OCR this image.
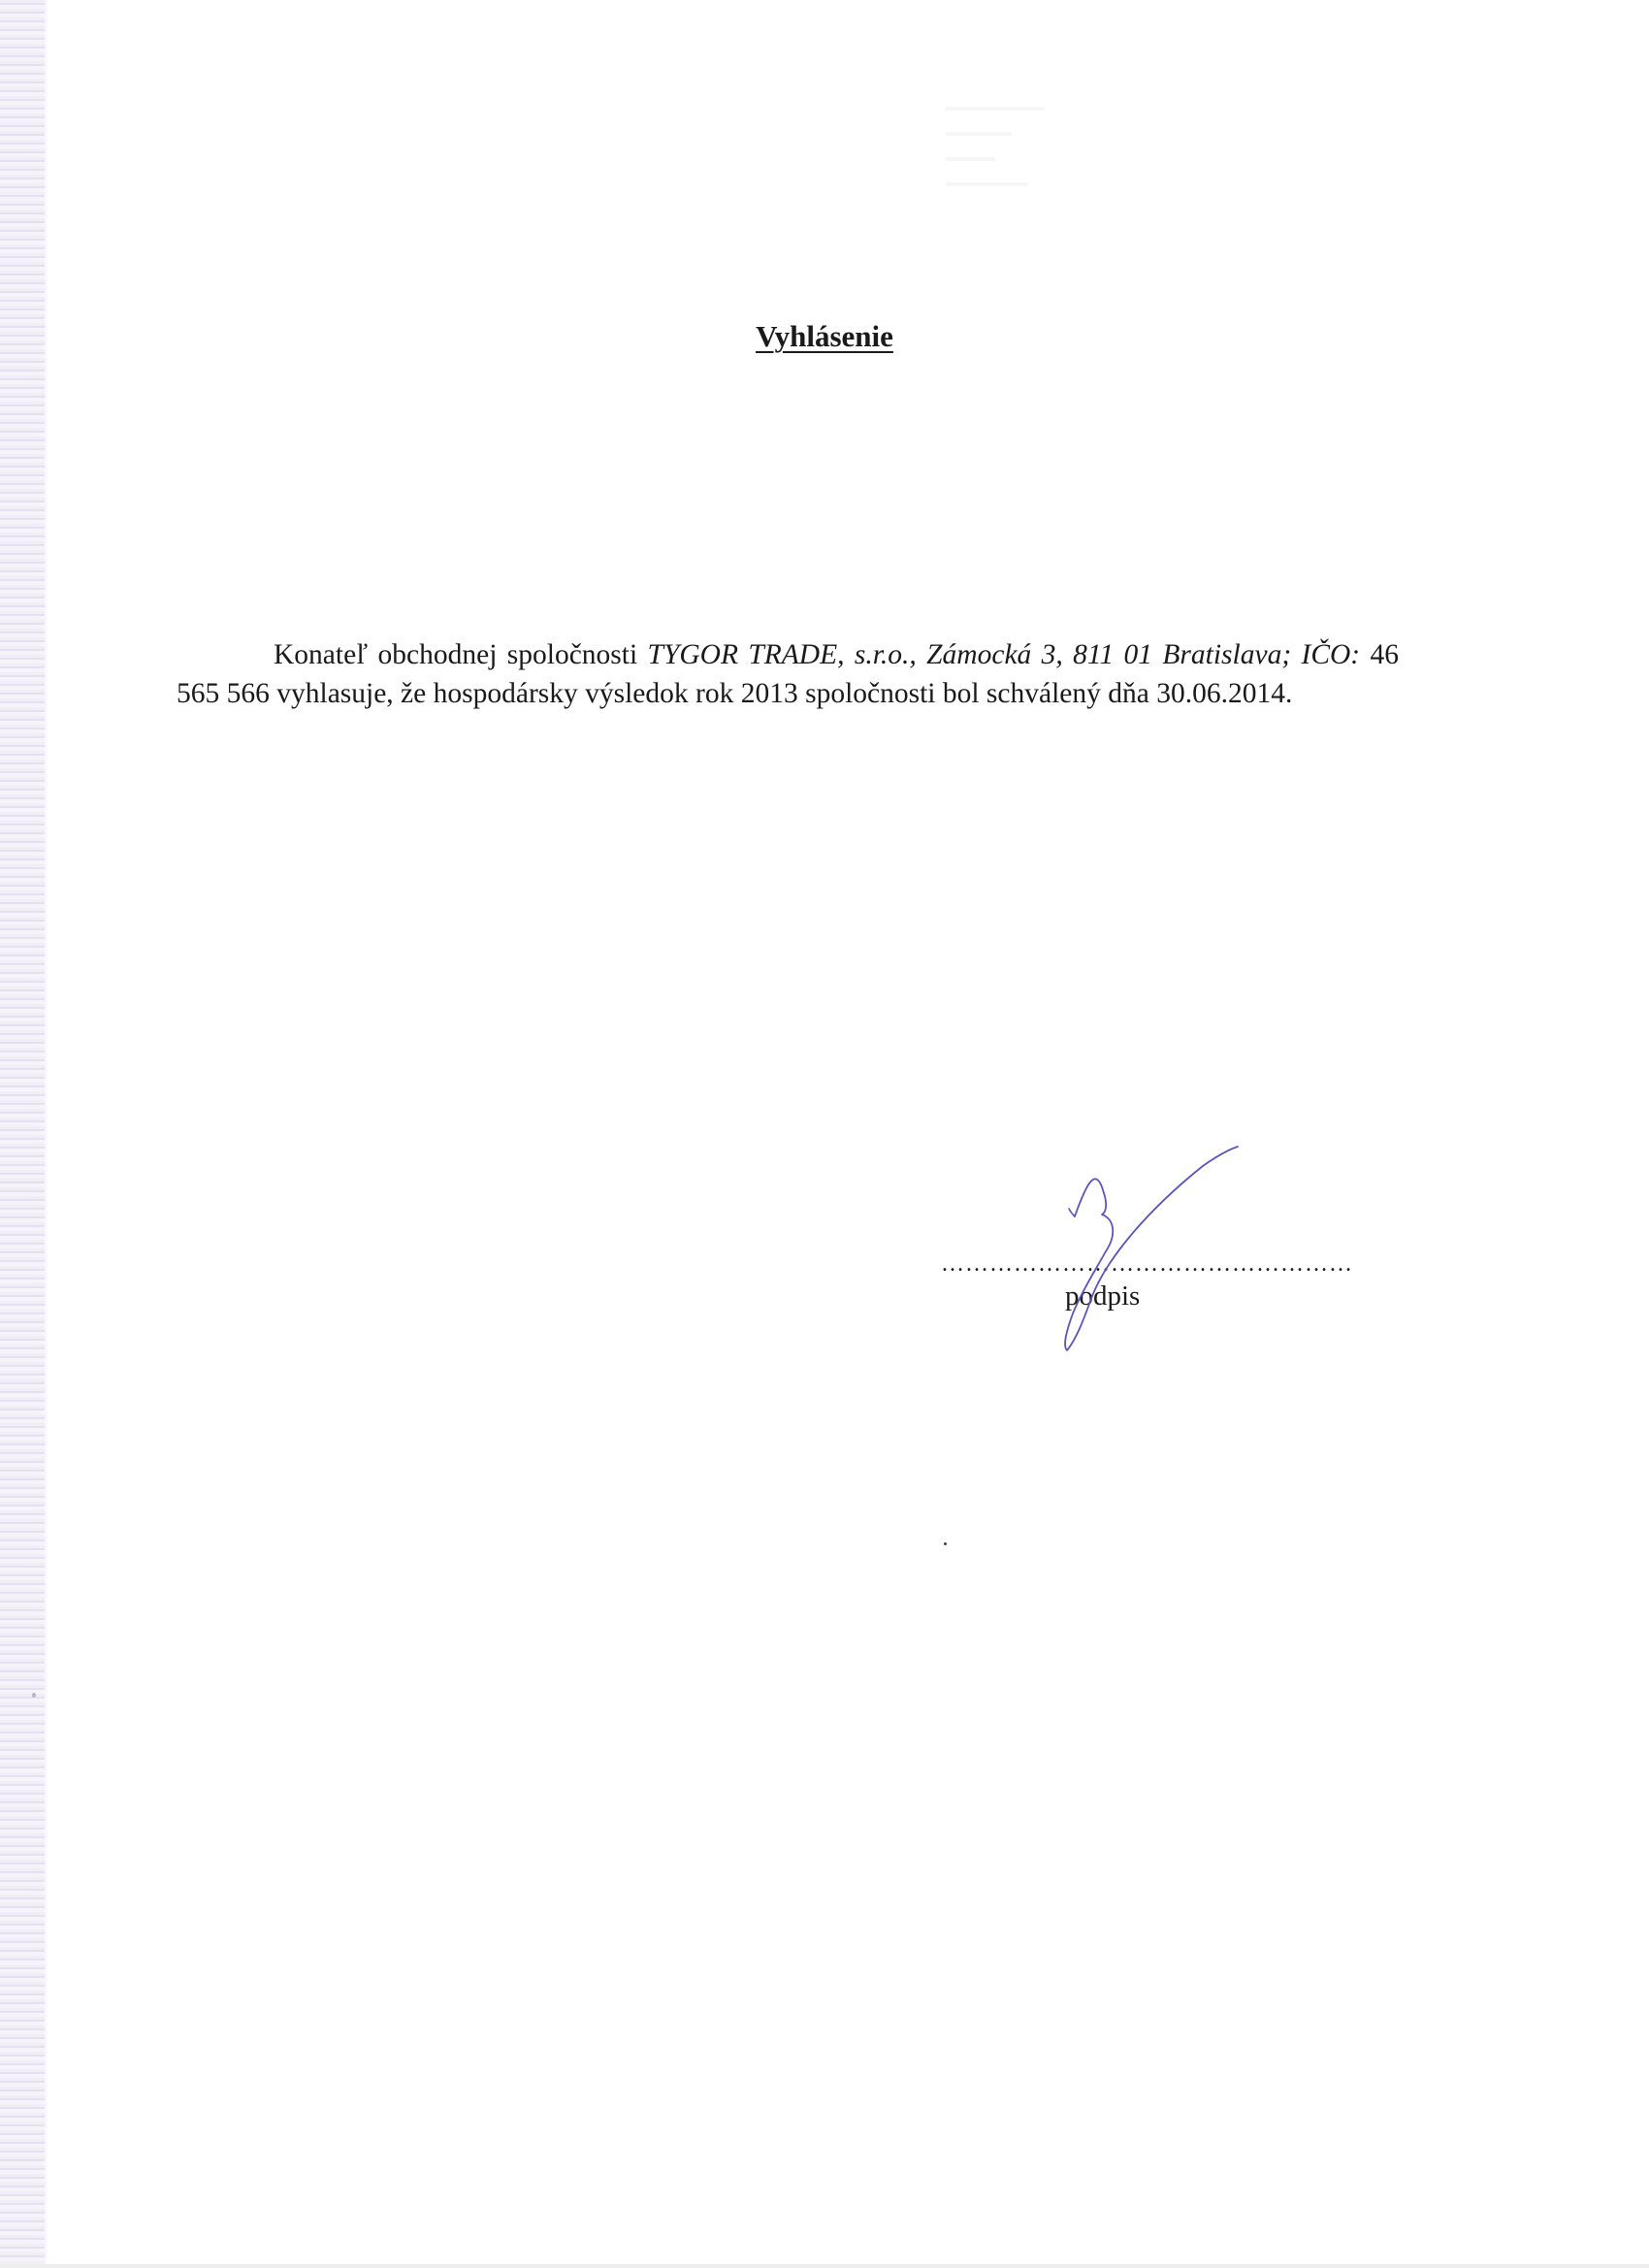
Vyhlásenie

Konateľ obchodnej spoločnosti TYGOR TRADE, s.r.o., Zámocká 3, 811 01 Bratislava; IČO: 46 565 566 vyhlasuje, že hospodársky výsledok rok 2013 spoločnosti bol schválený dňa 30.06.2014.

……………………………………………
podpis
